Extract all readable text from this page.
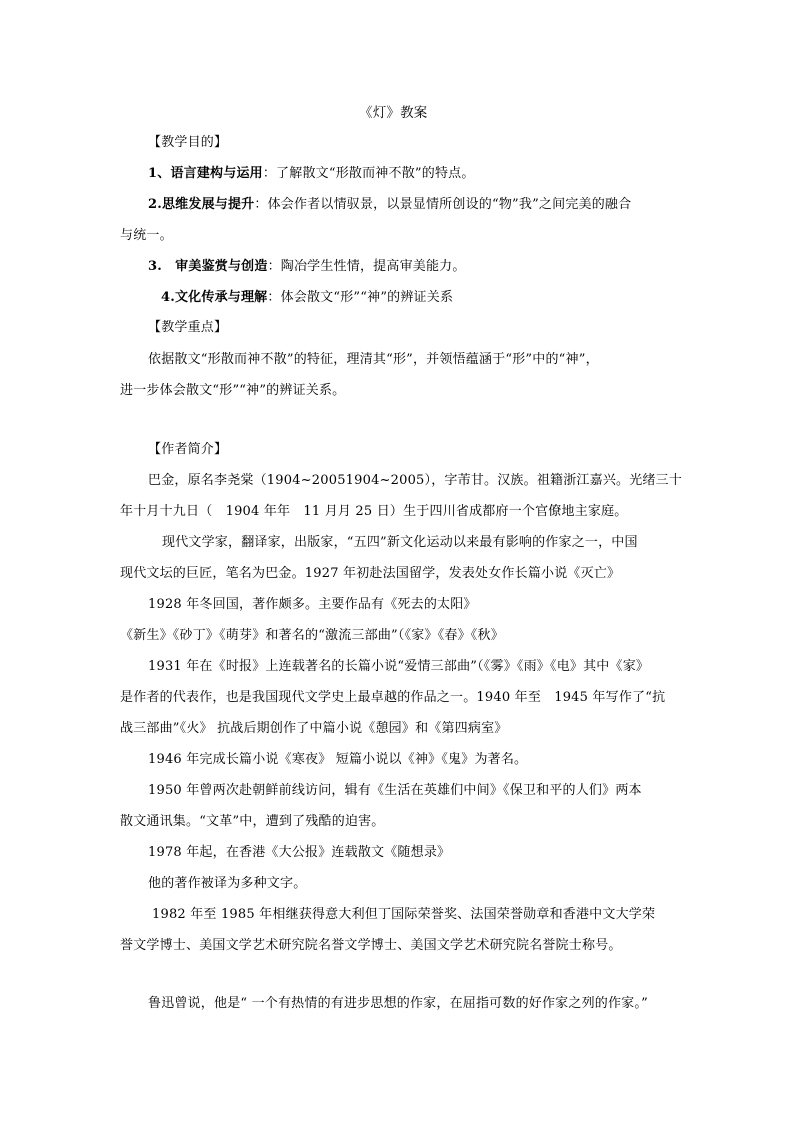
《灯》教案
【教学目的】
1、语言建构与运用：了解散文“形散而神不散”的特点。
2.思维发展与提升：体会作者以情驭景，以景显情所创设的“物”我”之间完美的融合
与统一。
3.　审美鉴赏与创造：陶冶学生性情，提高审美能力。
4.文化传承与理解：体会散文“形”“神”的辨证关系
【教学重点】
依据散文“形散而神不散”的特征，理清其“形”，并领悟蕴涵于“形”中的“神”，
进一步体会散文“形”“神”的辨证关系。
【作者简介】
巴金，原名李尧棠（1904~20051904~2005），字芾甘。汉族。祖籍浙江嘉兴。光绪三十
年十月十九日（　1904 年年　11 月月 25 日）生于四川省成都府一个官僚地主家庭。
现代文学家，翻译家，出版家，“五四”新文化运动以来最有影响的作家之一，中国
现代文坛的巨匠，笔名为巴金。1927 年初赴法国留学，发表处女作长篇小说《灭亡》
1928 年冬回国，著作颇多。主要作品有《死去的太阳》
《新生》《砂丁》《萌芽》和著名的“激流三部曲”（《家》《春》《秋》
1931 年在《时报》上连载著名的长篇小说“爱情三部曲”（《雾》《雨》《电》其中《家》
是作者的代表作，也是我国现代文学史上最卓越的作品之一。1940 年至　1945 年写作了“抗
战三部曲”《火》 抗战后期创作了中篇小说《憩园》和《第四病室》
1946 年完成长篇小说《寒夜》 短篇小说以《神》《鬼》为著名。
1950 年曾两次赴朝鲜前线访问，辑有《生活在英雄们中间》《保卫和平的人们》两本
散文通讯集。“文革”中，遭到了残酷的迫害。
1978 年起，在香港《大公报》连载散文《随想录》
他的著作被译为多种文字。
1982 年至 1985 年相继获得意大利但丁国际荣誉奖、法国荣誉勋章和香港中文大学荣
誉文学博士、美国文学艺术研究院名誉文学博士、美国文学艺术研究院名誉院士称号。
鲁迅曾说，他是“ 一个有热情的有进步思想的作家，在屈指可数的好作家之列的作家。”
